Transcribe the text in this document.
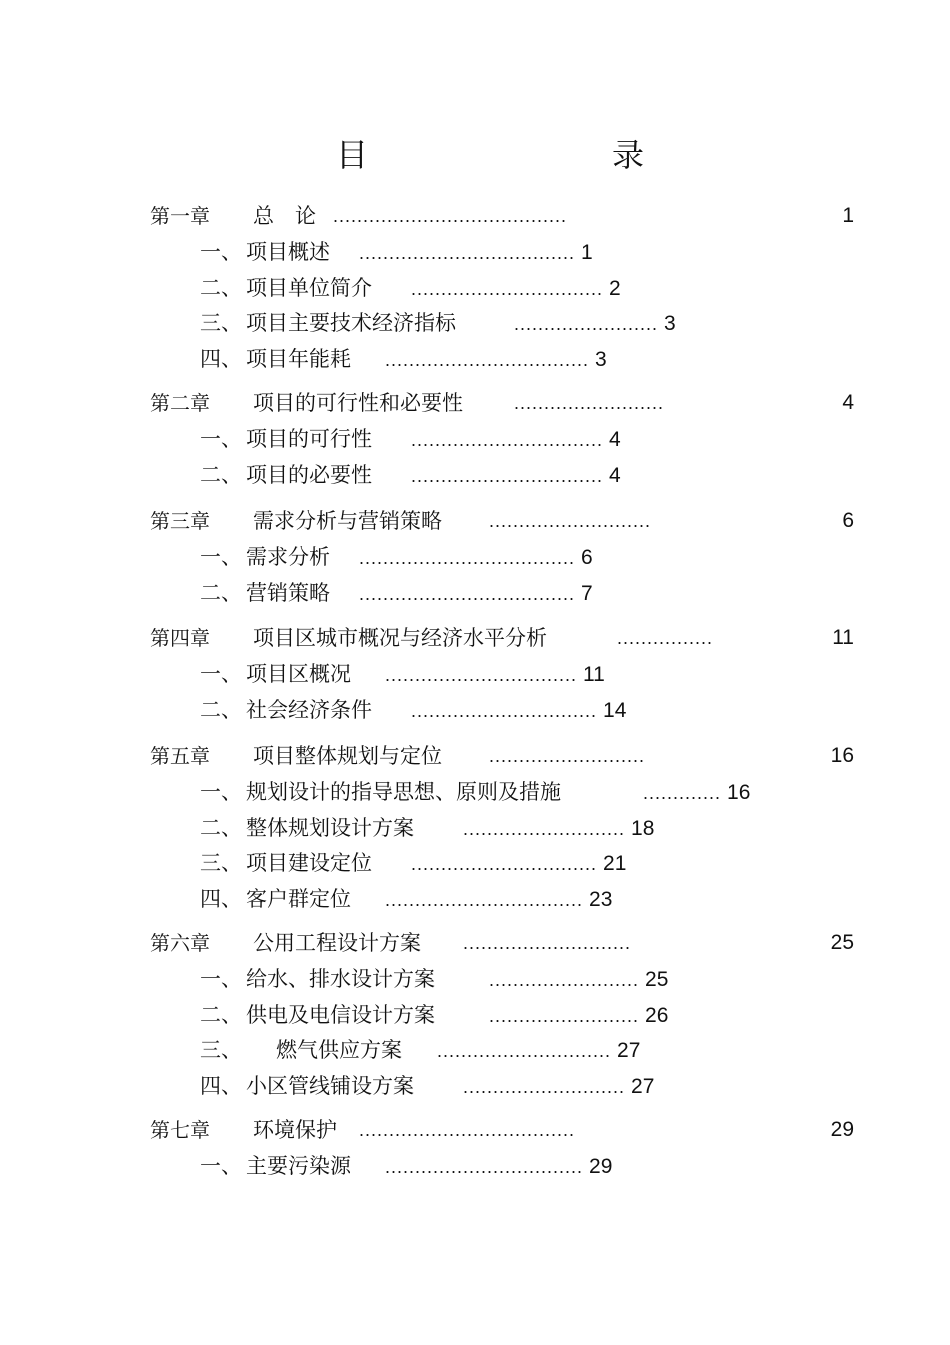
目　　录
第一章 总　论 .......................................	1
一、 项目概述 .................................... 1
二、 项目单位简介 ................................ 2
三、 项目主要技术经济指标	........................ 3
四、 项目年能耗 .................................. 3
第二章 项目的可行性和必要性	.........................	4
一、 项目的可行性 ................................ 4
二、 项目的必要性 ................................ 4
第三章 需求分析与营销策略	...........................	6
一、 需求分析 .................................... 6
二、 营销策略 .................................... 7
第四章 项目区城市概况与经济水平分析	................	11
一、 项目区概况 ................................ 11
二、 社会经济条件 ............................... 14
第五章 项目整体规划与定位	..........................	16
一、 规划设计的指导思想、原则及措施	............. 16
二、 整体规划设计方案	........................... 18
三、 项目建设定位 ............................... 21
四、 客户群定位 ................................. 23
第六章 公用工程设计方案 ............................	25
一、 给水、排水设计方案	......................... 25
二、 供电及电信设计方案	......................... 26
三、 燃气供应方案 ............................. 27
四、 小区管线铺设方案	........................... 27
第七章 环境保护 ....................................	29
一、 主要污染源 ................................. 29
